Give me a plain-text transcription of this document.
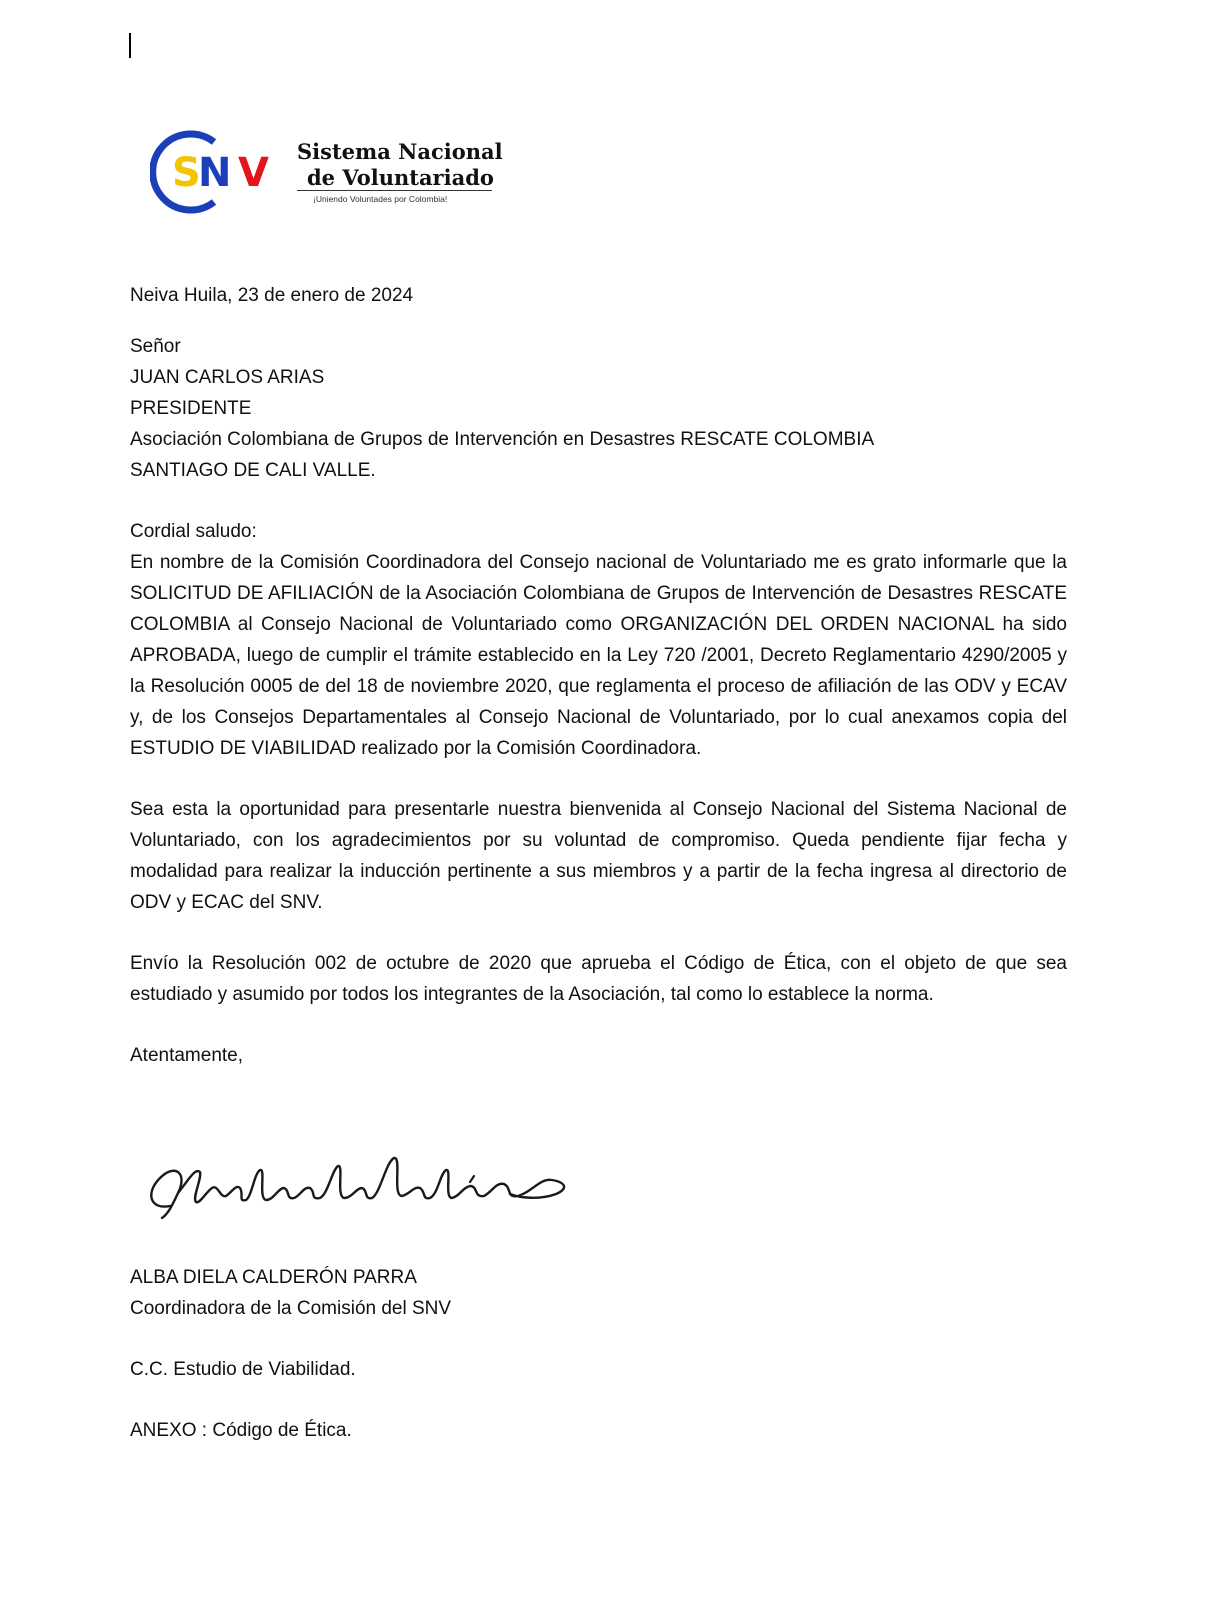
S
N V Sistema Nacional
de Voluntariado
¡Uniendo Voluntades por Colombia!

Neiva Huila, 23 de enero de 2024

Señor

JUAN CARLOS ARIAS

PRESIDENTE

Asociación Colombiana de Grupos de Intervención en Desastres RESCATE COLOMBIA

SANTIAGO DE CALI VALLE.

Cordial saludo:

En nombre de la Comisión Coordinadora del Consejo nacional de Voluntariado me es grato informarle que la SOLICITUD DE AFILIACIÓN de la Asociación Colombiana de Grupos de Intervención de Desastres RESCATE COLOMBIA al Consejo Nacional de Voluntariado como ORGANIZACIÓN DEL ORDEN NACIONAL ha sido APROBADA, luego de cumplir el trámite establecido en la Ley 720 /2001, Decreto Reglamentario 4290/2005 y la Resolución 0005 de del 18 de noviembre 2020, que reglamenta el proceso de afiliación de las ODV y ECAV y, de los Consejos Departamentales al Consejo Nacional de Voluntariado, por lo cual anexamos copia del ESTUDIO DE VIABILIDAD realizado por la Comisión Coordinadora.

Sea esta la oportunidad para presentarle nuestra bienvenida al Consejo Nacional del Sistema Nacional de Voluntariado, con los agradecimientos por su voluntad de compromiso. Queda pendiente fijar fecha y modalidad para realizar la inducción pertinente a sus miembros y a partir de la fecha ingresa al directorio de ODV y ECAC del SNV.

Envío la Resolución 002 de octubre de 2020 que aprueba el Código de Ética, con el objeto de que sea estudiado y asumido por todos los integrantes de la Asociación, tal como lo establece la norma.

Atentamente,

ALBA DIELA CALDERÓN PARRA

Coordinadora de la Comisión del SNV

C.C. Estudio de Viabilidad.

ANEXO : Código de Ética.
